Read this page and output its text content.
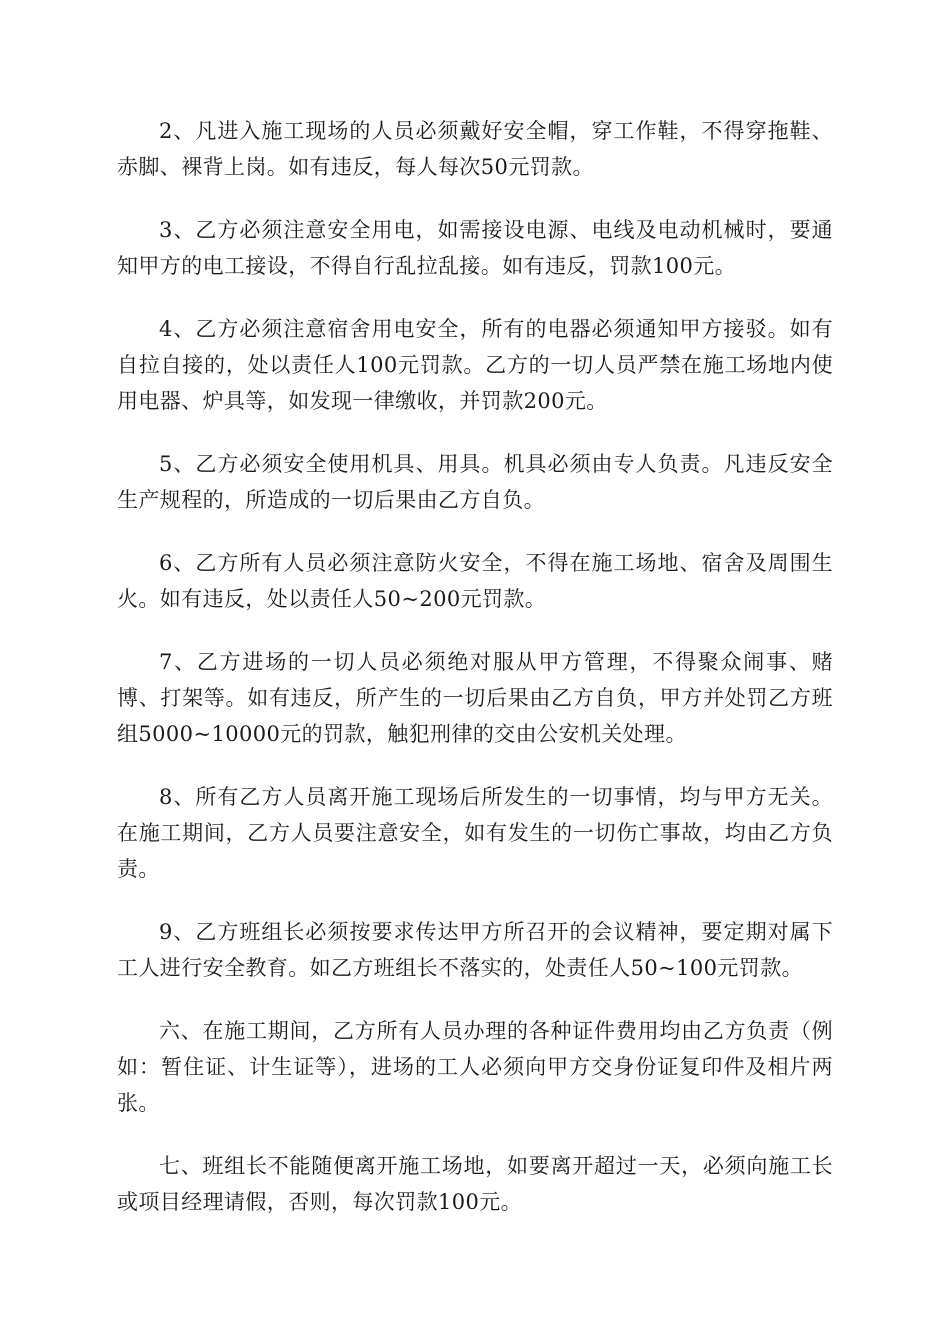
2、凡进入施工现场的人员必须戴好安全帽，穿工作鞋，不得穿拖鞋、赤脚、裸背上岗。如有违反，每人每次50元罚款。

3、乙方必须注意安全用电，如需接设电源、电线及电动机械时，要通知甲方的电工接设，不得自行乱拉乱接。如有违反，罚款100元。

4、乙方必须注意宿舍用电安全，所有的电器必须通知甲方接驳。如有自拉自接的，处以责任人100元罚款。乙方的一切人员严禁在施工场地内使用电器、炉具等，如发现一律缴收，并罚款200元。

5、乙方必须安全使用机具、用具。机具必须由专人负责。凡违反安全生产规程的，所造成的一切后果由乙方自负。

6、乙方所有人员必须注意防火安全，不得在施工场地、宿舍及周围生火。如有违反，处以责任人50~200元罚款。

7、乙方进场的一切人员必须绝对服从甲方管理，不得聚众闹事、赌博、打架等。如有违反，所产生的一切后果由乙方自负，甲方并处罚乙方班组5000~10000元的罚款，触犯刑律的交由公安机关处理。

8、所有乙方人员离开施工现场后所发生的一切事情，均与甲方无关。在施工期间，乙方人员要注意安全，如有发生的一切伤亡事故，均由乙方负责。

9、乙方班组长必须按要求传达甲方所召开的会议精神，要定期对属下工人进行安全教育。如乙方班组长不落实的，处责任人50~100元罚款。

六、在施工期间，乙方所有人员办理的各种证件费用均由乙方负责（例如：暂住证、计生证等），进场的工人必须向甲方交身份证复印件及相片两张。

七、班组长不能随便离开施工场地，如要离开超过一天，必须向施工长或项目经理请假，否则，每次罚款100元。
